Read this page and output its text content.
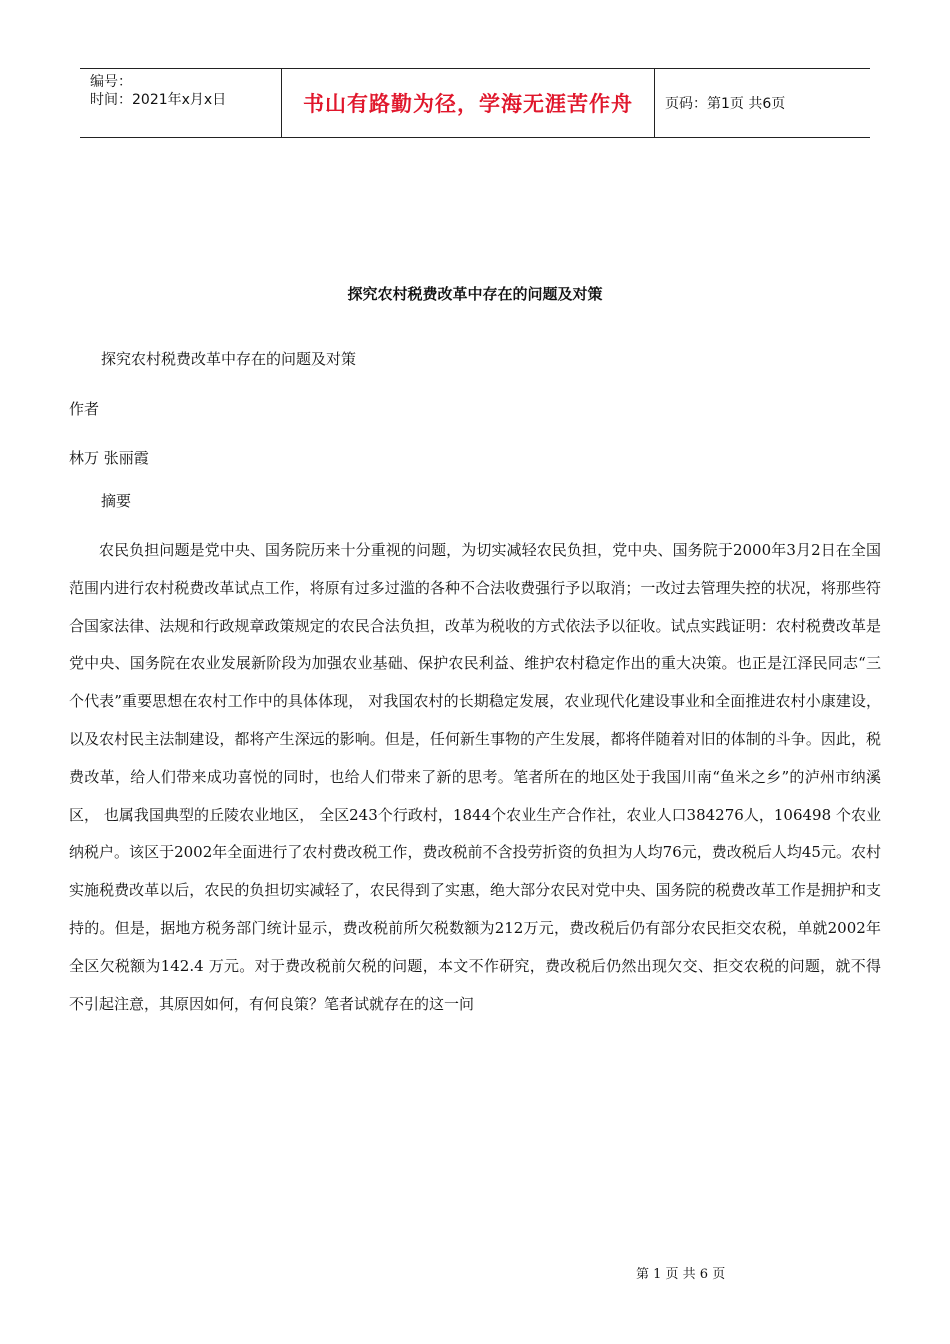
编号：
时间：2021年x月x日	书山有路勤为径，学海无涯苦作舟	页码：第1页 共6页
探究农村税费改革中存在的问题及对策
探究农村税费改革中存在的问题及对策
作者
林万 张丽霞
摘要
农民负担问题是党中央、国务院历来十分重视的问题，为切实减轻农民负担，党中央、国务院于2000年3月2日在全国范围内进行农村税费改革试点工作，将原有过多过滥的各种不合法收费强行予以取消；一改过去管理失控的状况，将那些符合国家法律、法规和行政规章政策规定的农民合法负担，改革为税收的方式依法予以征收。试点实践证明：农村税费改革是党中央、国务院在农业发展新阶段为加强农业基础、保护农民利益、维护农村稳定作出的重大决策。也正是江泽民同志“三个代表”重要思想在农村工作中的具体体现， 对我国农村的长期稳定发展，农业现代化建设事业和全面推进农村小康建设，以及农村民主法制建设，都将产生深远的影响。但是，任何新生事物的产生发展，都将伴随着对旧的体制的斗争。因此，税费改革，给人们带来成功喜悦的同时，也给人们带来了新的思考。笔者所在的地区处于我国川南“鱼米之乡”的泸州市纳溪区， 也属我国典型的丘陵农业地区， 全区243个行政村，1844个农业生产合作社，农业人口384276人，106498 个农业纳税户。该区于2002年全面进行了农村费改税工作，费改税前不含投劳折资的负担为人均76元，费改税后人均45元。农村实施税费改革以后，农民的负担切实减轻了，农民得到了实惠，绝大部分农民对党中央、国务院的税费改革工作是拥护和支持的。但是，据地方税务部门统计显示，费改税前所欠税数额为212万元，费改税后仍有部分农民拒交农税，单就2002年全区欠税额为142.4 万元。对于费改税前欠税的问题，本文不作研究，费改税后仍然出现欠交、拒交农税的问题，就不得不引起注意，其原因如何，有何良策？笔者试就存在的这一问
第 1 页 共 6 页
